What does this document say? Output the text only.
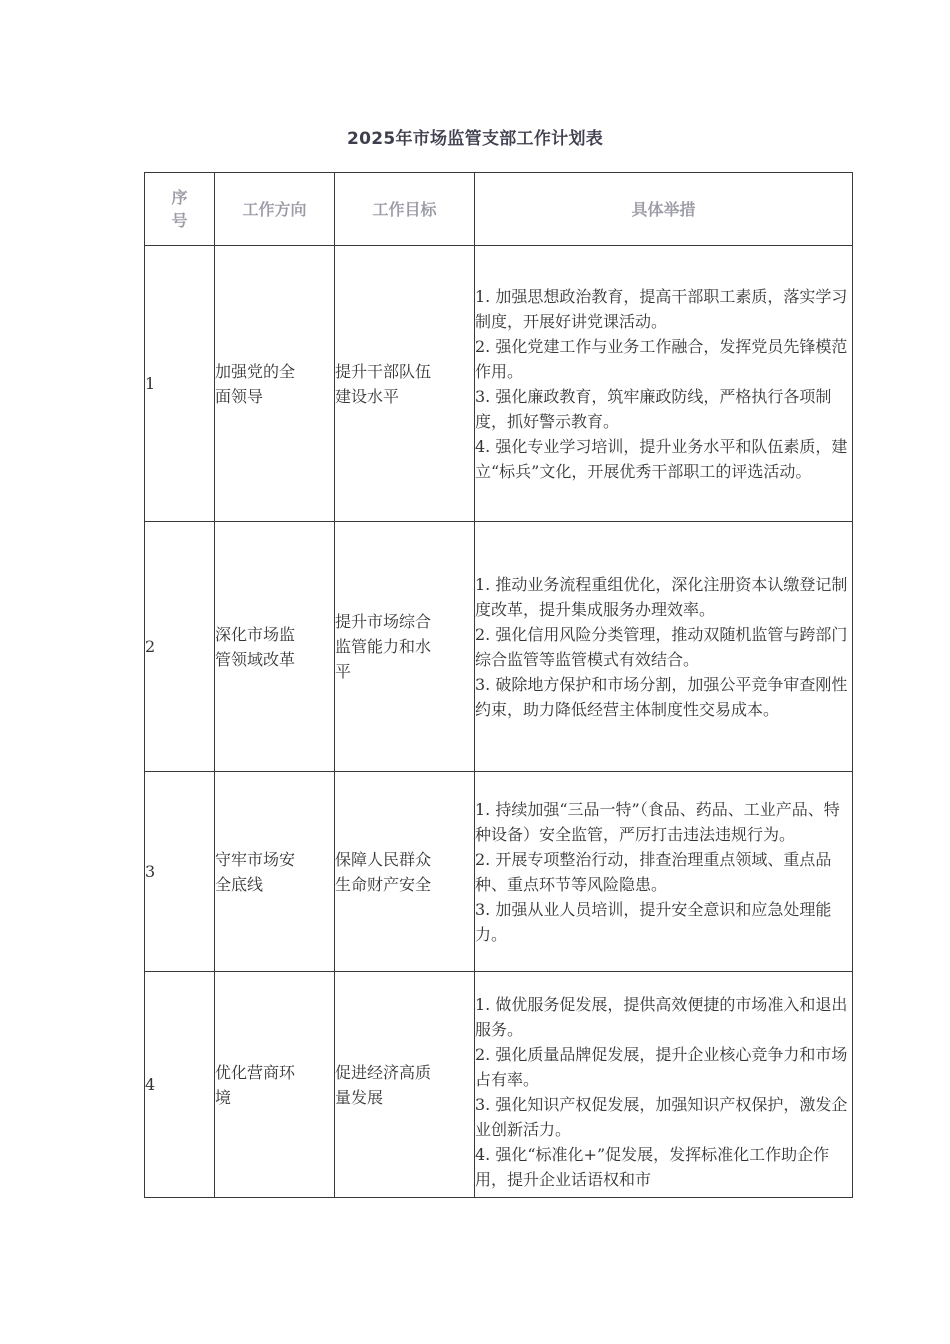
2025年市场监管支部工作计划表
序号	工作方向	工作目标	具体举措
1	加强党的全面领导	提升干部队伍建设水平	1. 加强思想政治教育，提高干部职工素质，落实学习制度，开展好讲党课活动。
2. 强化党建工作与业务工作融合，发挥党员先锋模范作用。
3. 强化廉政教育，筑牢廉政防线，严格执行各项制度，抓好警示教育。
4. 强化专业学习培训，提升业务水平和队伍素质，建立“标兵”文化，开展优秀干部职工的评选活动。

2	深化市场监管领域改革	提升市场综合监管能力和水平	1. 推动业务流程重组优化，深化注册资本认缴登记制度改革，提升集成服务办理效率。
2. 强化信用风险分类管理，推动双随机监管与跨部门综合监管等监管模式有效结合。
3. 破除地方保护和市场分割，加强公平竞争审查刚性约束，助力降低经营主体制度性交易成本。

3	守牢市场安全底线	保障人民群众生命财产安全	1. 持续加强“三品一特”（食品、药品、工业产品、特种设备）安全监管，严厉打击违法违规行为。
2. 开展专项整治行动，排查治理重点领域、重点品种、重点环节等风险隐患。
3. 加强从业人员培训，提升安全意识和应急处理能力。

4	优化营商环境	促进经济高质量发展	1. 做优服务促发展，提供高效便捷的市场准入和退出服务。
2. 强化质量品牌促发展，提升企业核心竞争力和市场占有率。
3. 强化知识产权促发展，加强知识产权保护，激发企业创新活力。
4. 强化“标准化+”促发展，发挥标准化工作助企作用，提升企业话语权和市
